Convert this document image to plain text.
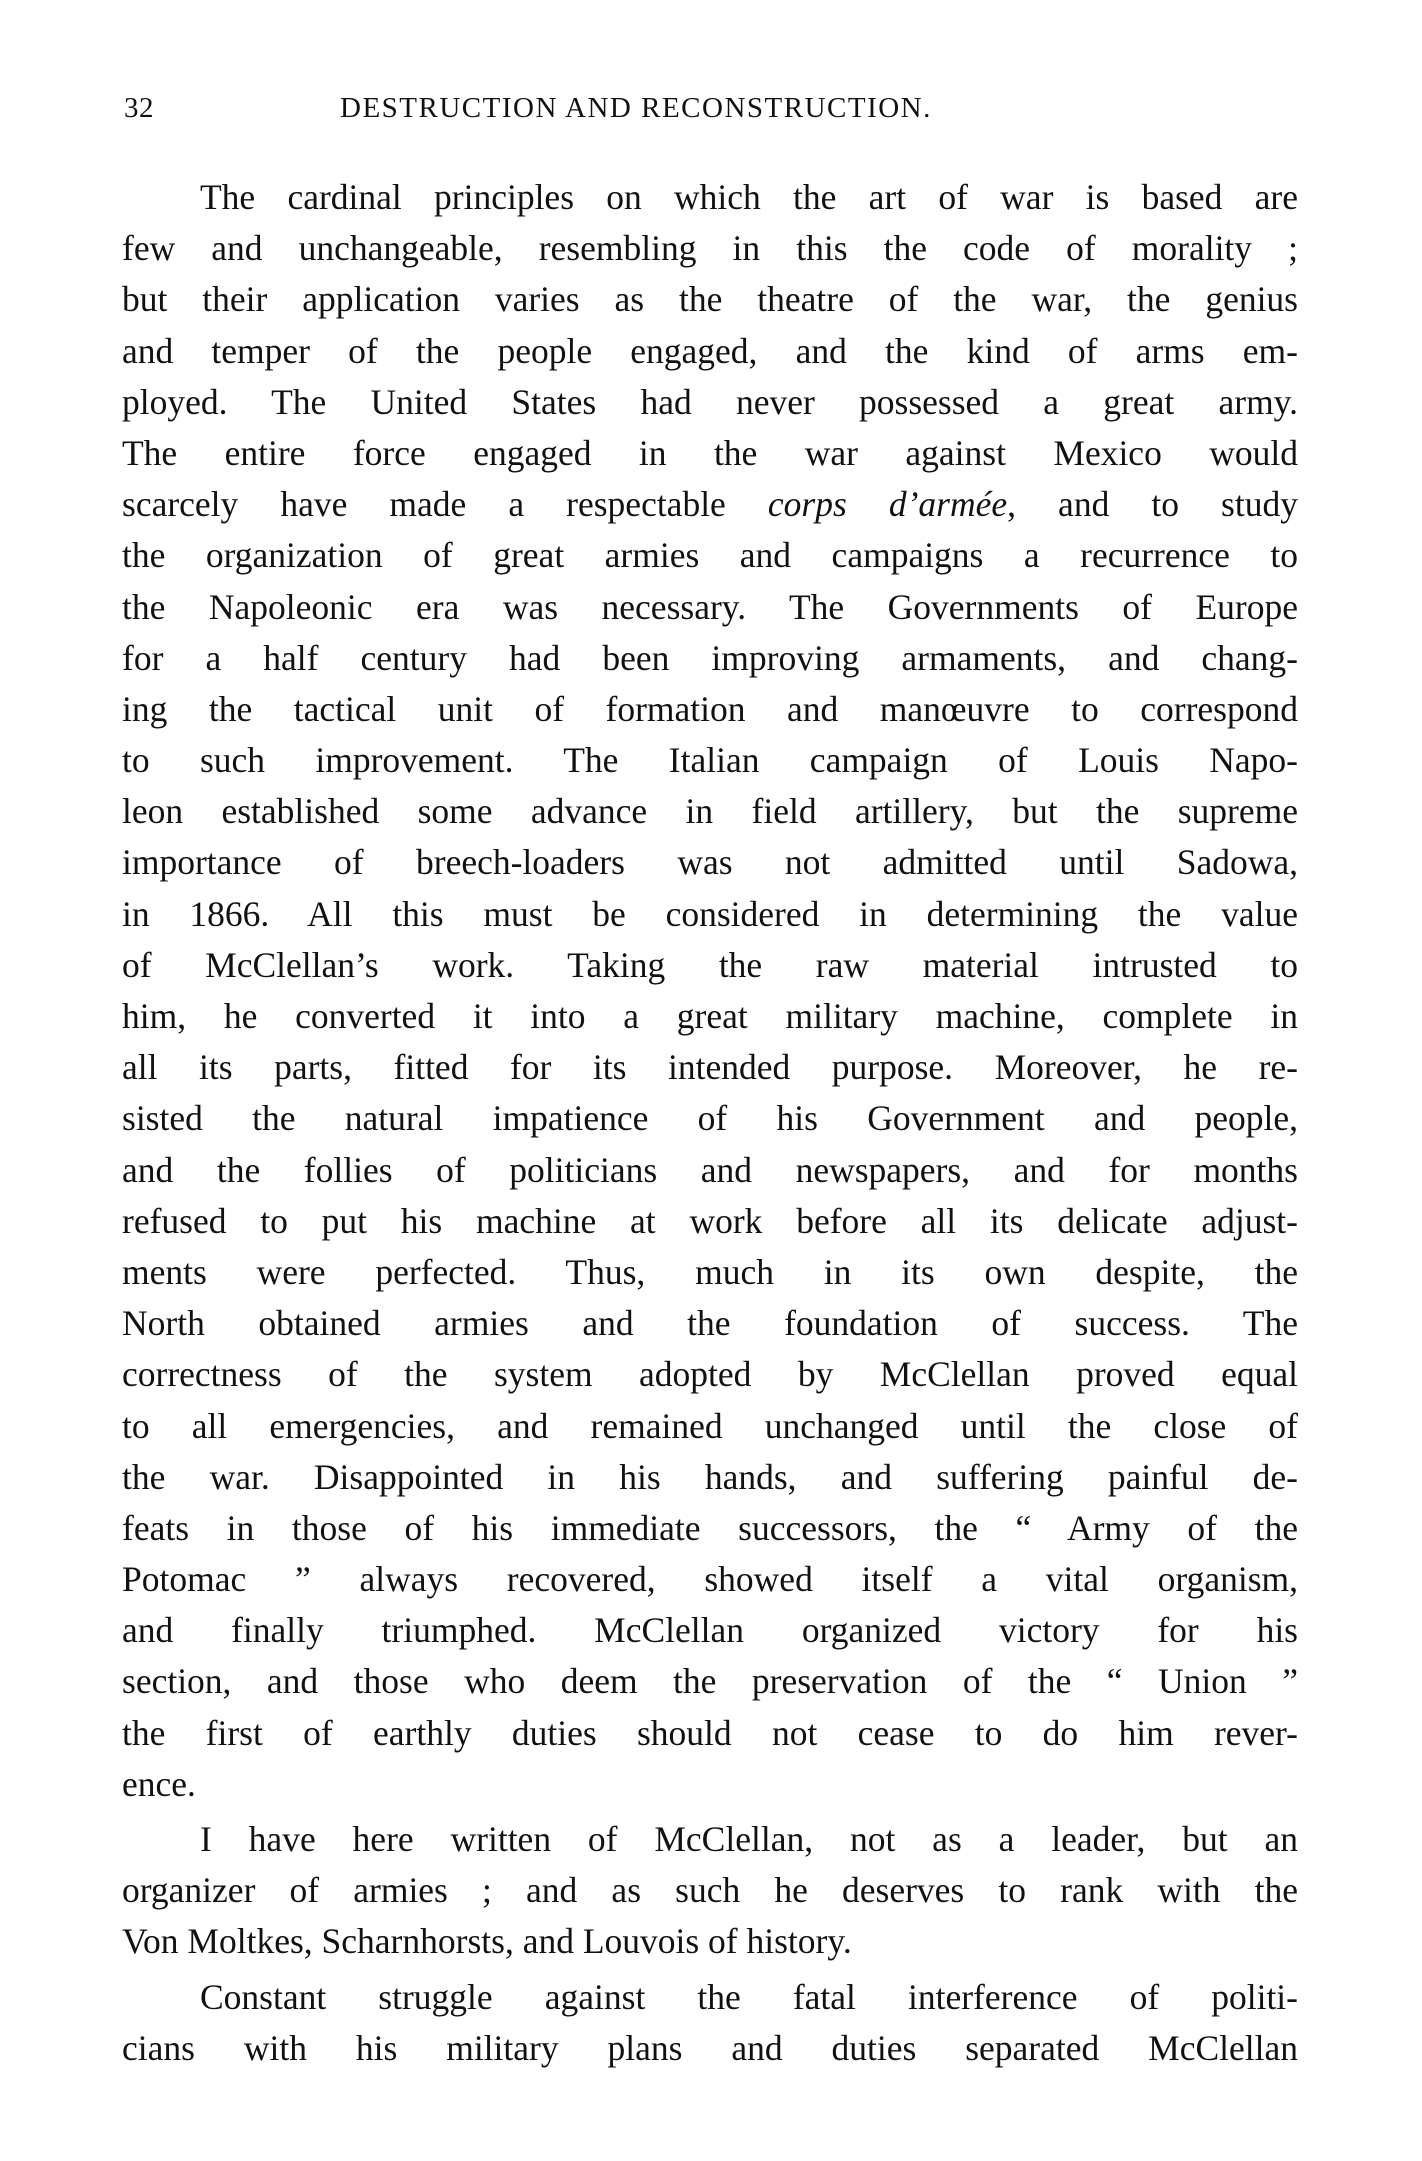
32	DESTRUCTION AND RECONSTRUCTION.
The cardinal principles on which the art of war is based are
few and unchangeable, resembling in this the code of morality ;
but their application varies as the theatre of the war, the genius
and temper of the people engaged, and the kind of arms em-
ployed. The United States had never possessed a great army.
The entire force engaged in the war against Mexico would
scarcely have made a respectable corps d’armée, and to study
the organization of great armies and campaigns a recurrence to
the Napoleonic era was necessary. The Governments of Europe
for a half century had been improving armaments, and chang-
ing the tactical unit of formation and manœuvre to correspond
to such improvement. The Italian campaign of Louis Napo-
leon established some advance in field artillery, but the supreme
importance of breech-loaders was not admitted until Sadowa,
in 1866. All this must be considered in determining the value
of McClellan’s work. Taking the raw material intrusted to
him, he converted it into a great military machine, complete in
all its parts, fitted for its intended purpose. Moreover, he re-
sisted the natural impatience of his Government and people,
and the follies of politicians and newspapers, and for months
refused to put his machine at work before all its delicate adjust-
ments were perfected. Thus, much in its own despite, the
North obtained armies and the foundation of success. The
correctness of the system adopted by McClellan proved equal
to all emergencies, and remained unchanged until the close of
the war. Disappointed in his hands, and suffering painful de-
feats in those of his immediate successors, the “ Army of the
Potomac ” always recovered, showed itself a vital organism,
and finally triumphed. McClellan organized victory for his
section, and those who deem the preservation of the “ Union ”
the first of earthly duties should not cease to do him rever-
ence.
I have here written of McClellan, not as a leader, but an
organizer of armies ; and as such he deserves to rank with the
Von Moltkes, Scharnhorsts, and Louvois of history.
Constant struggle against the fatal interference of politi-
cians with his military plans and duties separated McClellan
